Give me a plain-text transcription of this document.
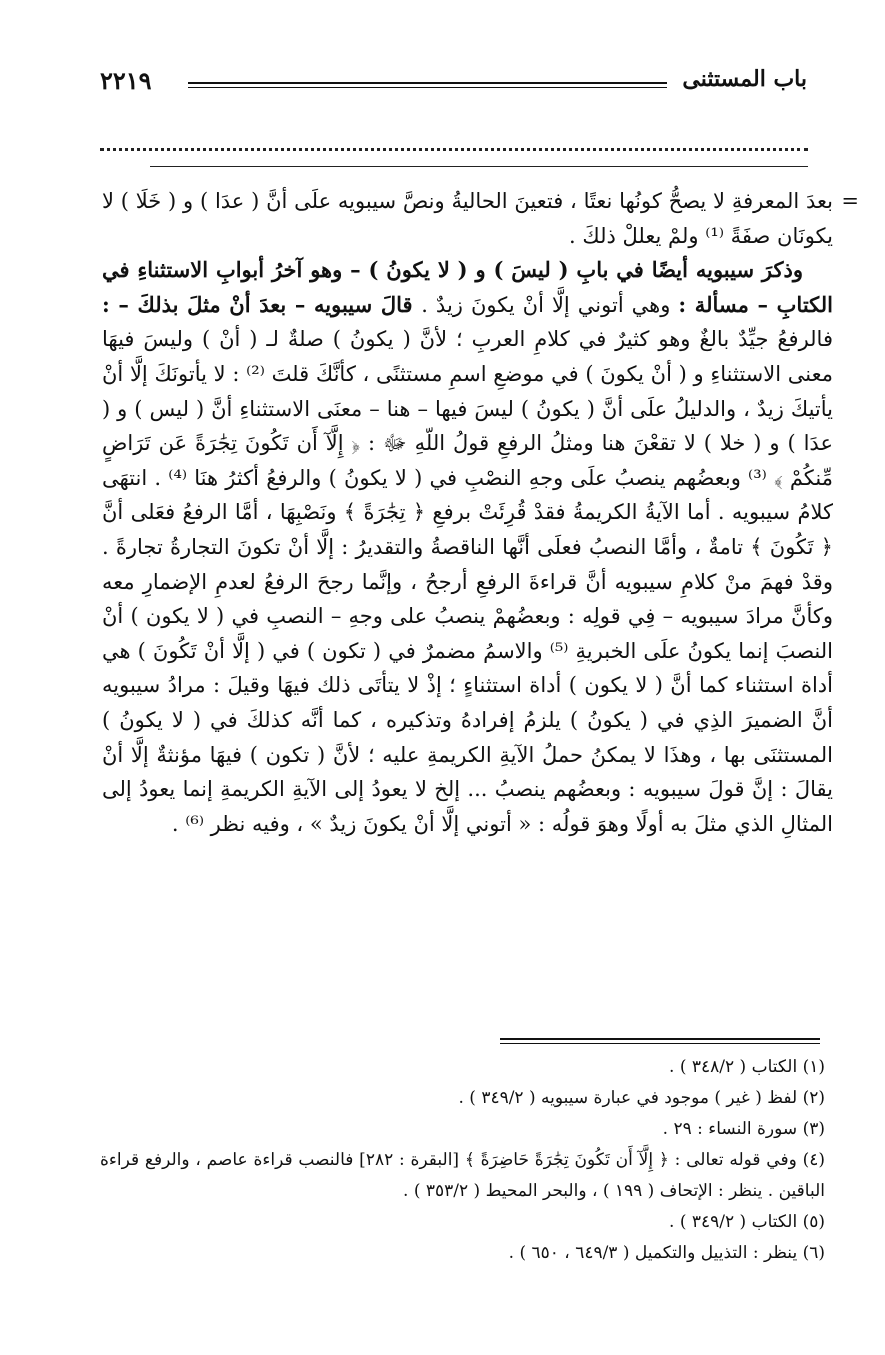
باب المستثنى
٢٢١٩
=

بعدَ المعرفةِ لا يصحُّ كونُها نعتًا ، فتعينَ الحاليةُ ونصَّ سيبويه علَى أنَّ ( عدَا ) و ( خَلَا ) لا يكونَان صفَةً ⁽¹⁾ ولمْ يعللْ ذلكَ .

وذكرَ سيبويه أيضًا في بابِ ( ليسَ ) و ( لا يكونُ ) – وهو آخرُ أبوابِ الاستثناءِ في الكتابِ – مسألة : وهي أتوني إلَّا أنْ يكونَ زيدٌ . قالَ سيبويه – بعدَ أنْ مثلَ بذلكَ – : فالرفعُ جيِّدٌ بالغٌ وهو كثيرٌ في كلامِ العربِ ؛ لأنَّ ( يكونُ ) صلةٌ لـ ( أنْ ) وليسَ فيهَا معنى الاستثناءِ و ( أنْ يكونَ ) في موضعِ اسمِ مستثنًى ، كأنَّكَ قلتَ ⁽²⁾ : لا يأتونَكَ إلَّا أنْ يأتيكَ زيدٌ ، والدليلُ علَى أنَّ ( يكونُ ) ليسَ فيها – هنا – معنَى الاستثناءِ أنَّ ( ليس ) و ( عدَا ) و ( خلا ) لا تقعْنَ هنا ومثلُ الرفعِ قولُ اللّهِ ﷻ : ﴿ إِلَّآ أَن تَكُونَ تِجَٰرَةً عَن تَرَاضٍ مِّنكُمْ ﴾ ⁽³⁾ وبعضُهم ينصبُ علَى وجهِ النصْبِ في ( لا يكونُ ) والرفعُ أكثرُ هنَا ⁽⁴⁾ . انتهَى كلامُ سيبويه . أما الآيةُ الكريمةُ فقدْ قُرِئَتْ برفعِ ﴿ تِجَٰرَةً ﴾ ونَصْبِهَا ، أمَّا الرفعُ فعَلى أنَّ ﴿ تَكُونَ ﴾ تامةٌ ، وأمَّا النصبُ فعلَى أنَّها الناقصةُ والتقديرُ : إلَّا أنْ تكونَ التجارةُ تجارةً . وقدْ فهمَ منْ كلامِ سيبويه أنَّ قراءةَ الرفعِ أرجحُ ، وإنَّما رجحَ الرفعُ لعدمِ الإضمارِ معه وكأنَّ مرادَ سيبويه – فِي قولِه : وبعضُهمْ ينصبُ على وجهِ – النصبِ في ( لا يكون ) أنْ النصبَ إنما يكونُ علَى الخبريةِ ⁽⁵⁾ والاسمُ مضمرٌ في ( تكون ) في ( إلَّا أنْ تَكُونَ ) هي أداة استثناء كما أنَّ ( لا يكون ) أداة استثناءٍ ؛ إذْ لا يتأتَى ذلك فيهَا وقيلَ : مرادُ سيبويه أنَّ الضميرَ الذِي في ( يكونُ ) يلزمُ إفرادهُ وتذكيره ، كما أنَّه كذلكَ في ( لا يكونُ ) المستثنَى بها ، وهذَا لا يمكنُ حملُ الآيةِ الكريمةِ عليه ؛ لأنَّ ( تكون ) فيهَا مؤنثةٌ إلَّا أنْ يقالَ : إنَّ قولَ سيبويه : وبعضُهم ينصبُ ... إلخ لا يعودُ إلى الآيةِ الكريمةِ إنما يعودُ إلى المثالِ الذي مثلَ به أولًا وهوَ قولُه : « أتوني إلَّا أنْ يكونَ زيدٌ » ، وفيه نظر ⁽⁶⁾ .

(١) الكتاب ( ٣٤٨/٢ ) .

(٢) لفظ ( غير ) موجود في عبارة سيبويه ( ٣٤٩/٢ ) .

(٣) سورة النساء : ٢٩ .

(٤) وفي قوله تعالى : ﴿ إِلَّآ أَن تَكُونَ تِجَٰرَةً حَاضِرَةً ﴾ [البقرة : ٢٨٢] فالنصب قراءة عاصم ، والرفع قراءة الباقين . ينظر : الإتحاف ( ١٩٩ ) ، والبحر المحيط ( ٣٥٣/٢ ) .

(٥) الكتاب ( ٣٤٩/٢ ) .

(٦) ينظر : التذييل والتكميل ( ٦٤٩/٣ ، ٦٥٠ ) .
